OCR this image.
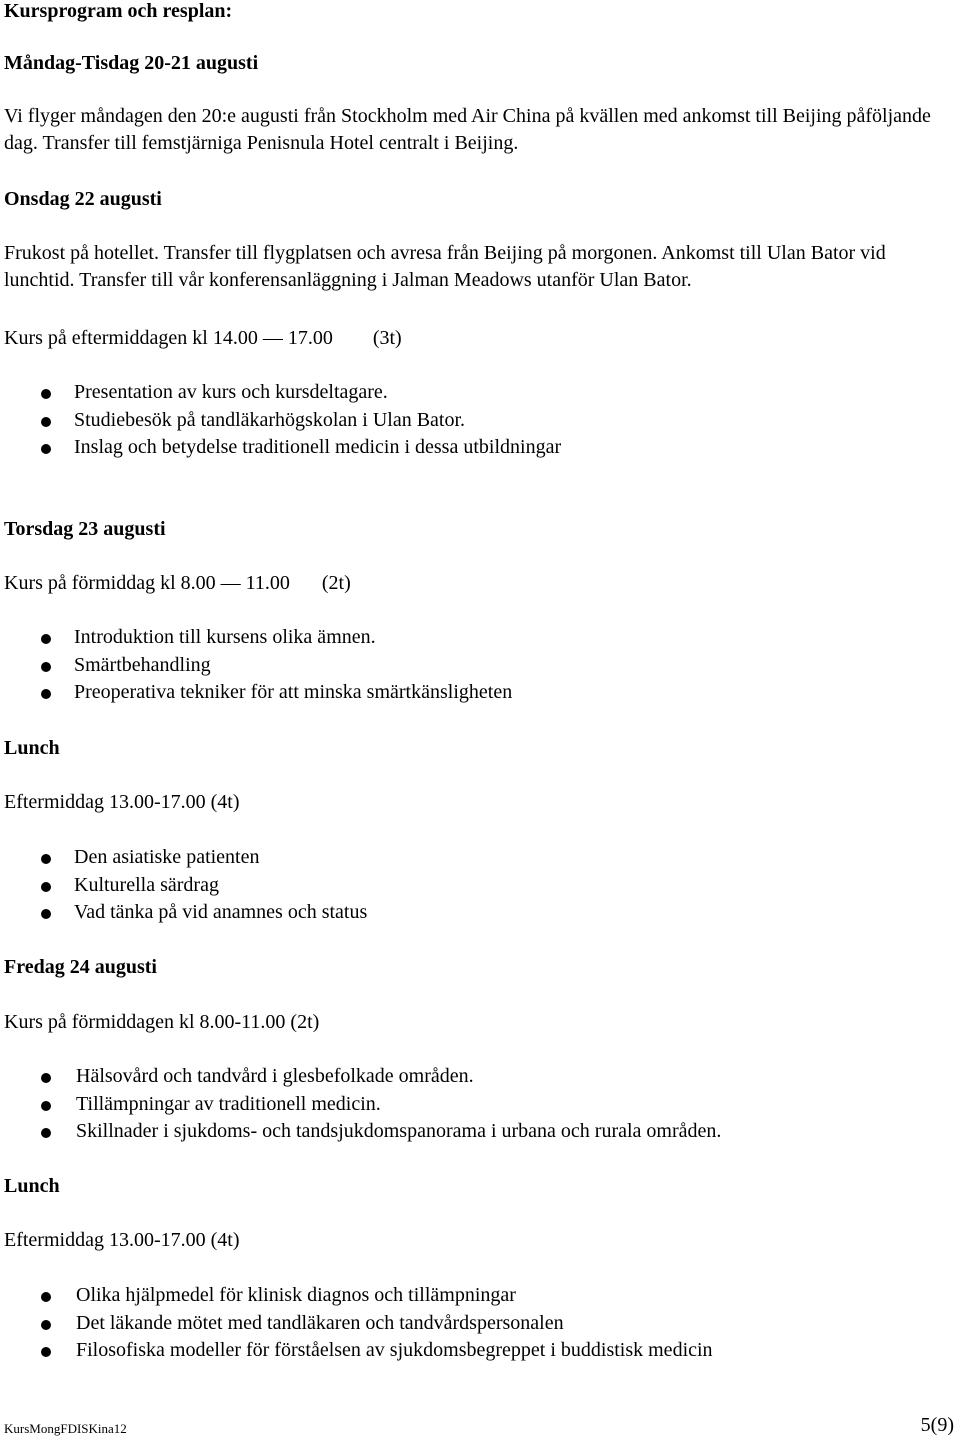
Kursprogram och resplan:
Måndag-Tisdag 20-21 augusti

Vi flyger måndagen den 20:e augusti från Stockholm med Air China på kvällen med ankomst till Beijing påföljande dag. Transfer till femstjärniga Penisnula Hotel centralt i Beijing.

Onsdag 22 augusti

Frukost på hotellet. Transfer till flygplatsen och avresa från Beijing på morgonen. Ankomst till Ulan Bator vid lunchtid. Transfer till vår konferensanläggning i Jalman Meadows utanför Ulan Bator.

Kurs på eftermiddagen kl 14.00 — 17.00 (3t)
Presentation av kurs och kursdeltagare.
Studiebesök på tandläkarhögskolan i Ulan Bator.
Inslag och betydelse traditionell medicin i dessa utbildningar
Torsdag 23 augusti
Kurs på förmiddag kl 8.00 — 11.00 (2t)
Introduktion till kursens olika ämnen.
Smärtbehandling
Preoperativa tekniker för att minska smärtkänsligheten
Lunch
Eftermiddag 13.00-17.00 (4t)
Den asiatiske patienten
Kulturella särdrag
Vad tänka på vid anamnes och status
Fredag 24 augusti
Kurs på förmiddagen kl 8.00-11.00 (2t)
Hälsovård och tandvård i glesbefolkade områden.
Tillämpningar av traditionell medicin.
Skillnader i sjukdoms- och tandsjukdomspanorama i urbana och rurala områden.
Lunch
Eftermiddag 13.00-17.00 (4t)
Olika hjälpmedel för klinisk diagnos och tillämpningar
Det läkande mötet med tandläkaren och tandvårdspersonalen
Filosofiska modeller för förståelsen av sjukdomsbegreppet i buddistisk medicin
KursMongFDISKina12	5(9)
